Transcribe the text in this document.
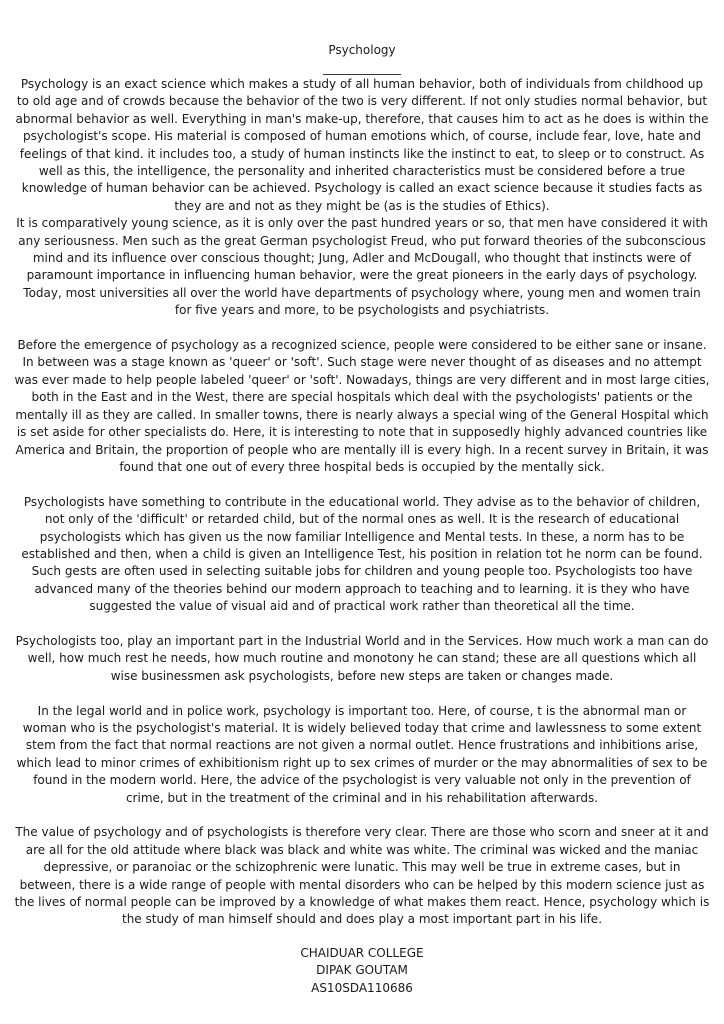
Psychology
_____________

Psychology is an exact science which makes a study of all human behavior, both of individuals from childhood up to old age and of crowds because the behavior of the two is very different. If not only studies normal behavior, but abnormal behavior as well. Everything in man's make-up, therefore, that causes him to act as he does is within the psychologist's scope. His material is composed of human emotions which, of course, include fear, love, hate and feelings of that kind. it includes too, a study of human instincts like the instinct to eat, to sleep or to construct. As well as this, the intelligence, the personality and inherited characteristics must be considered before a true knowledge of human behavior can be achieved. Psychology is called an exact science because it studies facts as they are and not as they might be (as is the studies of Ethics).

It is comparatively young science, as it is only over the past hundred years or so, that men have considered it with any seriousness. Men such as the great German psychologist Freud, who put forward theories of the subconscious mind and its influence over conscious thought; Jung, Adler and McDougall, who thought that instincts were of paramount importance in influencing human behavior, were the great pioneers in the early days of psychology. Today, most universities all over the world have departments of psychology where, young men and women train for five years and more, to be psychologists and psychiatrists.

Before the emergence of psychology as a recognized science, people were considered to be either sane or insane. In between was a stage known as 'queer' or 'soft'. Such stage were never thought of as diseases and no attempt was ever made to help people labeled 'queer' or 'soft'. Nowadays, things are very different and in most large cities, both in the East and in the West, there are special hospitals which deal with the psychologists' patients or the mentally ill as they are called. In smaller towns, there is nearly always a special wing of the General Hospital which is set aside for other specialists do. Here, it is interesting to note that in supposedly highly advanced countries like America and Britain, the proportion of people who are mentally ill is every high. In a recent survey in Britain, it was found that one out of every three hospital beds is occupied by the mentally sick.

Psychologists have something to contribute in the educational world. They advise as to the behavior of children, not only of the 'difficult' or retarded child, but of the normal ones as well. It is the research of educational psychologists which has given us the now familiar Intelligence and Mental tests. In these, a norm has to be established and then, when a child is given an Intelligence Test, his position in relation tot he norm can be found. Such gests are often used in selecting suitable jobs for children and young people too. Psychologists too have advanced many of the theories behind our modern approach to teaching and to learning. it is they who have suggested the value of visual aid and of practical work rather than theoretical all the time.

Psychologists too, play an important part in the Industrial World and in the Services. How much work a man can do well, how much rest he needs, how much routine and monotony he can stand; these are all questions which all wise businessmen ask psychologists, before new steps are taken or changes made.

In the legal world and in police work, psychology is important too. Here, of course, t is the abnormal man or woman who is the psychologist's material. It is widely believed today that crime and lawlessness to some extent stem from the fact that normal reactions are not given a normal outlet. Hence frustrations and inhibitions arise, which lead to minor crimes of exhibitionism right up to sex crimes of murder or the may abnormalities of sex to be found in the modern world. Here, the advice of the psychologist is very valuable not only in the prevention of crime, but in the treatment of the criminal and in his rehabilitation afterwards.

The value of psychology and of psychologists is therefore very clear. There are those who scorn and sneer at it and are all for the old attitude where black was black and white was white. The criminal was wicked and the maniac depressive, or paranoiac or the schizophrenic were lunatic. This may well be true in extreme cases, but in between, there is a wide range of people with mental disorders who can be helped by this modern science just as the lives of normal people can be improved by a knowledge of what makes them react. Hence, psychology which is the study of man himself should and does play a most important part in his life.

CHAIDUAR COLLEGE
DIPAK GOUTAM
AS10SDA110686
